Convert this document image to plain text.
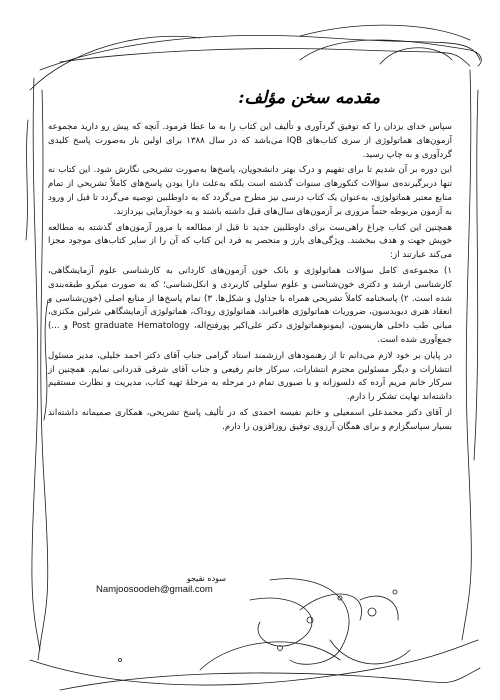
مقدمه سخن مؤلف:

سپاس خدای یزدان را که توفیق گردآوری و تألیف این کتاب را به ما عطا فرمود. آنچه که پیش رو دارید مجموعه آزمون‌های هماتولوژی از سری کتاب‌های IQB می‌باشد که در سال ۱۳۸۸ برای اولین بار به‌صورت پاسخ کلیدی گردآوری و به چاپ رسید.

این دوره بر آن شدیم تا برای تفهیم و درک بهتر دانشجویان، پاسخ‌ها به‌صورت تشریحی نگارش شود. این کتاب نه تنها دربرگیرنده‌ی سؤالات کنکورهای سنوات گذشته است بلکه به‌علت دارا بودن پاسخ‌های کاملاً تشریحی از تمام منابع معتبر هماتولوژی، به‌عنوان یک کتاب درسی نیز مطرح می‌گردد که به داوطلبین توصیه می‌گردد تا قبل از ورود به آزمون مربوطه حتماً مروری بر آزمون‌های سال‌های قبل داشته باشند و به خودآزمایی بپردازند.

همچنین این کتاب چراغ راهی‌ست برای داوطلبین جدید تا قبل از مطالعه با مرور آزمون‌های گذشته به مطالعه خویش جهت و هدف ببخشند. ویژگی‌های بارز و منحصر به فرد این کتاب که آن را از سایر کتاب‌های موجود مجزا می‌کند عبارتند از:

۱) مجموعه‌ی کامل سؤالات هماتولوژی و بانک خون آزمون‌های کاردانی به کارشناسی علوم آزمایشگاهی، کارشناسی ارشد و دکتری خون‌شناسی و علوم سلولی کاربردی و انکل‌شناسی؛ که به صورت میکرو طبقه‌بندی شده است. ۲) پاسخنامه کاملاً تشریحی همراه با جداول و شکل‌ها. ۳) تمام پاسخ‌ها از منابع اصلی (خون‌شناسی و انعقاد هنری دیویدسون، ضروریات هماتولوژی هافبراند، هماتولوژی روداک، هماتولوژی آزمایشگاهی شرلین مکنزی، مبانی طب داخلی هاریسون، ایمونوهماتولوژی دکتر علی‌اکبر پورفتح‌اله، Post graduate Hematology و ...) جمع‌آوری شده است.

در پایان بر خود لازم می‌دانم تا از رهنمودهای ارزشمند استاد گرامی جناب آقای دکتر احمد خلیلی، مدیر مسئول انتشارات و دیگر مسئولین محترم انتشارات، سرکار خانم رفیعی و جناب آقای شرقی قدردانی نمایم. همچنین از سرکار خانم مریم آرده که دلسوزانه و با صبوری تمام در مرحله به مرحلهٔ تهیه کتاب، مدیریت و نظارت مستقیم داشته‌اند نهایت تشکر را دارم.

از آقای دکتر محمدعلی اسمعیلی و خانم نفیسه احمدی که در تألیف پاسخ تشریحی، همکاری صمیمانه داشته‌اند بسیار سپاسگزارم و برای همگان آرزوی توفیق روزافزون را دارم.

سوده نقیجو
Namjoosoodeh@gmail.com
